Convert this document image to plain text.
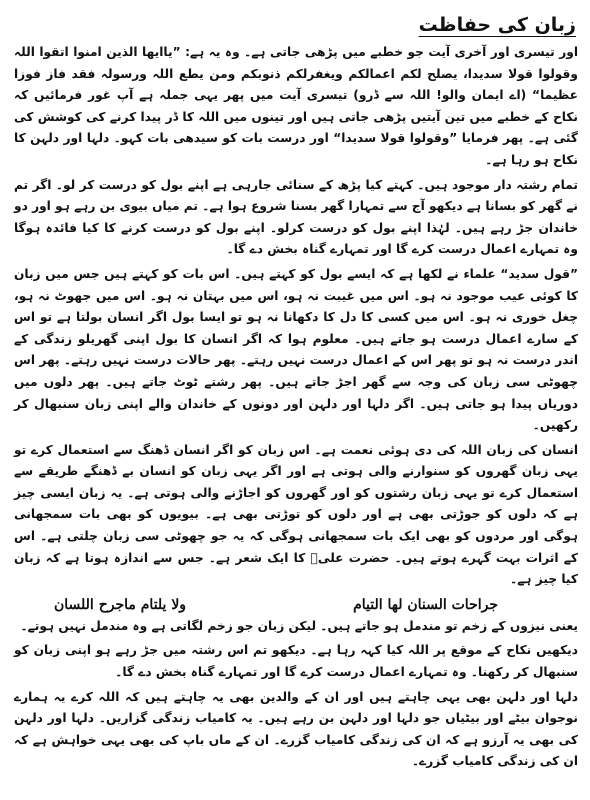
زبان کی حفاظت

اور تیسری اور آخری آیت جو خطبے میں پڑھی جاتی ہے۔ وہ یہ ہے: ”یاایھا الذین امنوا اتقوا اللہ وقولوا قولا سدیدا، یصلح لکم اعمالکم ویغفرلکم ذنوبکم ومن یطع اللہ ورسولہ فقد فاز فوزا عظیما“ (اے ایمان والو! اللہ سے ڈرو) تیسری آیت میں پھر یہی جملہ ہے آپ غور فرمائیں کہ نکاح کے خطبے میں تین آیتیں پڑھی جاتی ہیں اور تینوں میں اللہ کا ڈر پیدا کرنے کی کوشش کی گئی ہے۔ پھر فرمایا ”وقولوا قولا سدیدا“ اور درست بات کو سیدھی بات کہو۔ دلہا اور دلہن کا نکاح ہو رہا ہے۔

تمام رشتہ دار موجود ہیں۔ کہتے کیا پڑھ کے سنائی جارہی ہے اپنے بول کو درست کر لو۔ اگر تم نے گھر کو بسانا ہے دیکھو آج سے تمہارا گھر بسنا شروع ہوا ہے۔ تم میاں بیوی بن رہے ہو اور دو خاندان جڑ رہے ہیں۔ لہٰذا اپنے بول کو درست کرلو۔ اپنے بول کو درست کرنے کا کیا فائدہ ہوگا وہ تمہارے اعمال درست کرے گا اور تمہارے گناہ بخش دے گا۔

”قول سدید“ علماء نے لکھا ہے کہ ایسے بول کو کہتے ہیں۔ اس بات کو کہتے ہیں جس میں زبان کا کوئی عیب موجود نہ ہو۔ اس میں غیبت نہ ہو، اس میں بہتان نہ ہو۔ اس میں جھوٹ نہ ہو، چغل خوری نہ ہو۔ اس میں کسی کا دل کا دکھانا نہ ہو تو ایسا بول اگر انسان بولتا ہے تو اس کے سارے اعمال درست ہو جاتے ہیں۔ معلوم ہوا کہ اگر انسان کا بول اپنی گھریلو زندگی کے اندر درست نہ ہو تو پھر اس کے اعمال درست نہیں رہتے۔ پھر حالات درست نہیں رہتے۔ پھر اس چھوٹی سی زبان کی وجہ سے گھر اجڑ جاتے ہیں۔ پھر رشتے ٹوٹ جاتے ہیں۔ پھر دلوں میں دوریاں پیدا ہو جاتی ہیں۔ اگر دلہا اور دلہن اور دونوں کے خاندان والے اپنی زبان سنبھال کر رکھیں۔

انسان کی زبان اللہ کی دی ہوئی نعمت ہے۔ اس زبان کو اگر انسان ڈھنگ سے استعمال کرے تو یہی زبان گھروں کو سنوارنے والی ہوتی ہے اور اگر یہی زبان کو انسان بے ڈھنگے طریقے سے استعمال کرے تو یہی زبان رشتوں کو اور گھروں کو اجاڑنے والی ہوتی ہے۔ یہ زبان ایسی چیز ہے کہ دلوں کو جوڑتی بھی ہے اور دلوں کو توڑتی بھی ہے۔ بیویوں کو بھی بات سمجھانی ہوگی اور مردوں کو بھی ایک بات سمجھانی ہوگی کہ یہ جو چھوٹی سی زبان چلتی ہے۔ اس کے اثرات بہت گہرے ہوتے ہیں۔ حضرت علیؓ کا ایک شعر ہے۔ جس سے اندازہ ہوتا ہے کہ زبان کیا چیز ہے۔

جراحات السنان لها التیام
ولا یلتام ماجرح اللسان

یعنی نیزوں کے زخم تو مندمل ہو جاتے ہیں۔ لیکن زبان جو زخم لگاتی ہے وہ مندمل نہیں ہوتے۔

دیکھیں نکاح کے موقع پر اللہ کیا کہہ رہا ہے۔ دیکھو تم اس رشتہ میں جڑ رہے ہو اپنی زبان کو سنبھال کر رکھنا۔ وہ تمہارے اعمال درست کرے گا اور تمہارے گناہ بخش دے گا۔

دلہا اور دلہن بھی یہی چاہتے ہیں اور ان کے والدین بھی یہ چاہتے ہیں کہ اللہ کرے یہ ہمارے نوجوان بیٹے اور بیٹیاں جو دلہا اور دلہن بن رہے ہیں۔ یہ کامیاب زندگی گزاریں۔ دلہا اور دلہن کی بھی یہ آرزو ہے کہ ان کی زندگی کامیاب گزرے۔ ان کے ماں باپ کی بھی یہی خواہش ہے کہ ان کی زندگی کامیاب گزرے۔
